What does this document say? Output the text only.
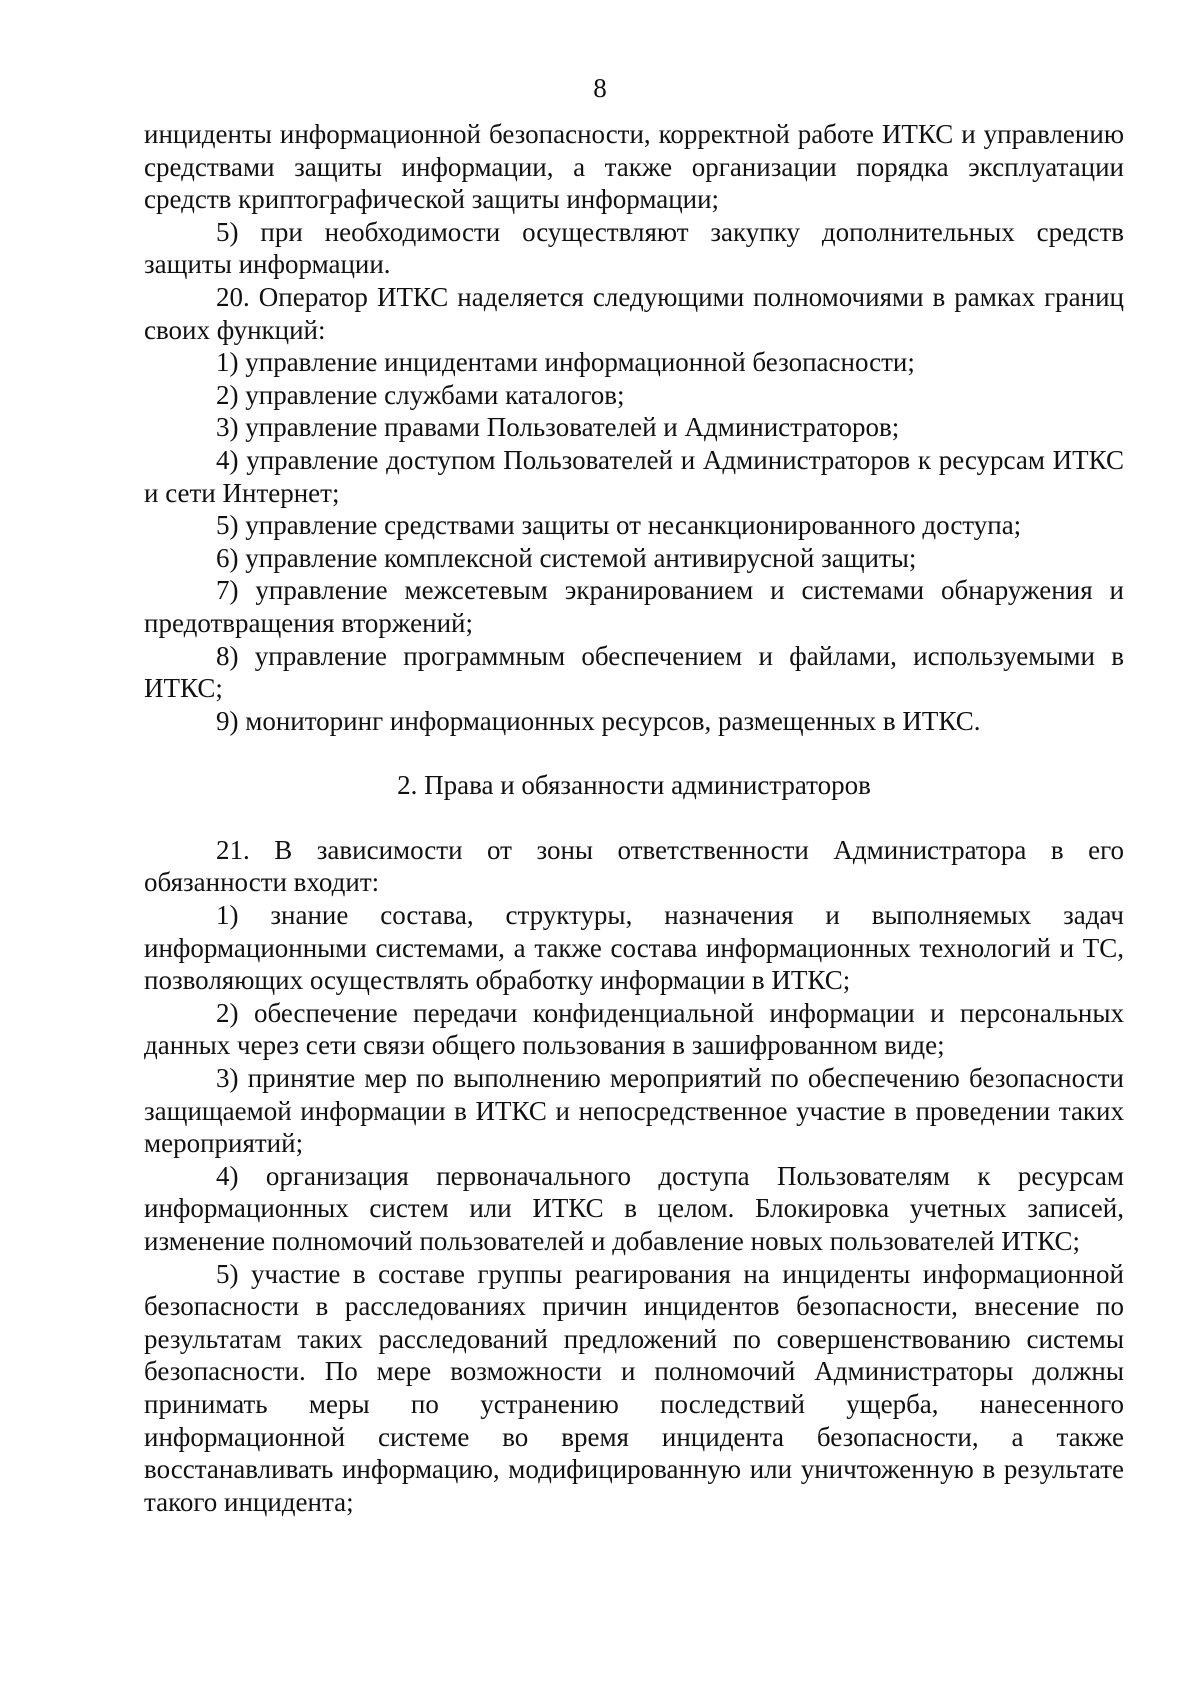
8

инциденты информационной безопасности, корректной работе ИТКС и управлению средствами защиты информации, а также организации порядка эксплуатации средств криптографической защиты информации;

5) при необходимости осуществляют закупку дополнительных средств защиты информации.

20. Оператор ИТКС наделяется следующими полномочиями в рамках границ своих функций:

1) управление инцидентами информационной безопасности;

2) управление службами каталогов;

3) управление правами Пользователей и Администраторов;

4) управление доступом Пользователей и Администраторов к ресурсам ИТКС и сети Интернет;

5) управление средствами защиты от несанкционированного доступа;

6) управление комплексной системой антивирусной защиты;

7) управление межсетевым экранированием и системами обнаружения и предотвращения вторжений;

8) управление программным обеспечением и файлами, используемыми в ИТКС;

9) мониторинг информационных ресурсов, размещенных в ИТКС.

2. Права и обязанности администраторов

21. В зависимости от зоны ответственности Администратора в его обязанности входит:

1) знание состава, структуры, назначения и выполняемых задач информационными системами, а также состава информационных технологий и ТС, позволяющих осуществлять обработку информации в ИТКС;

2) обеспечение передачи конфиденциальной информации и персональных данных через сети связи общего пользования в зашифрованном виде;

3) принятие мер по выполнению мероприятий по обеспечению безопасности защищаемой информации в ИТКС и непосредственное участие в проведении таких мероприятий;

4) организация первоначального доступа Пользователям к ресурсам информационных систем или ИТКС в целом. Блокировка учетных записей, изменение полномочий пользователей и добавление новых пользователей ИТКС;

5) участие в составе группы реагирования на инциденты информационной безопасности в расследованиях причин инцидентов безопасности, внесение по результатам таких расследований предложений по совершенствованию системы безопасности. По мере возможности и полномочий Администраторы должны принимать меры по устранению последствий ущерба, нанесенного информационной системе во время инцидента безопасности, а также восстанавливать информацию, модифицированную или уничтоженную в результате такого инцидента;
